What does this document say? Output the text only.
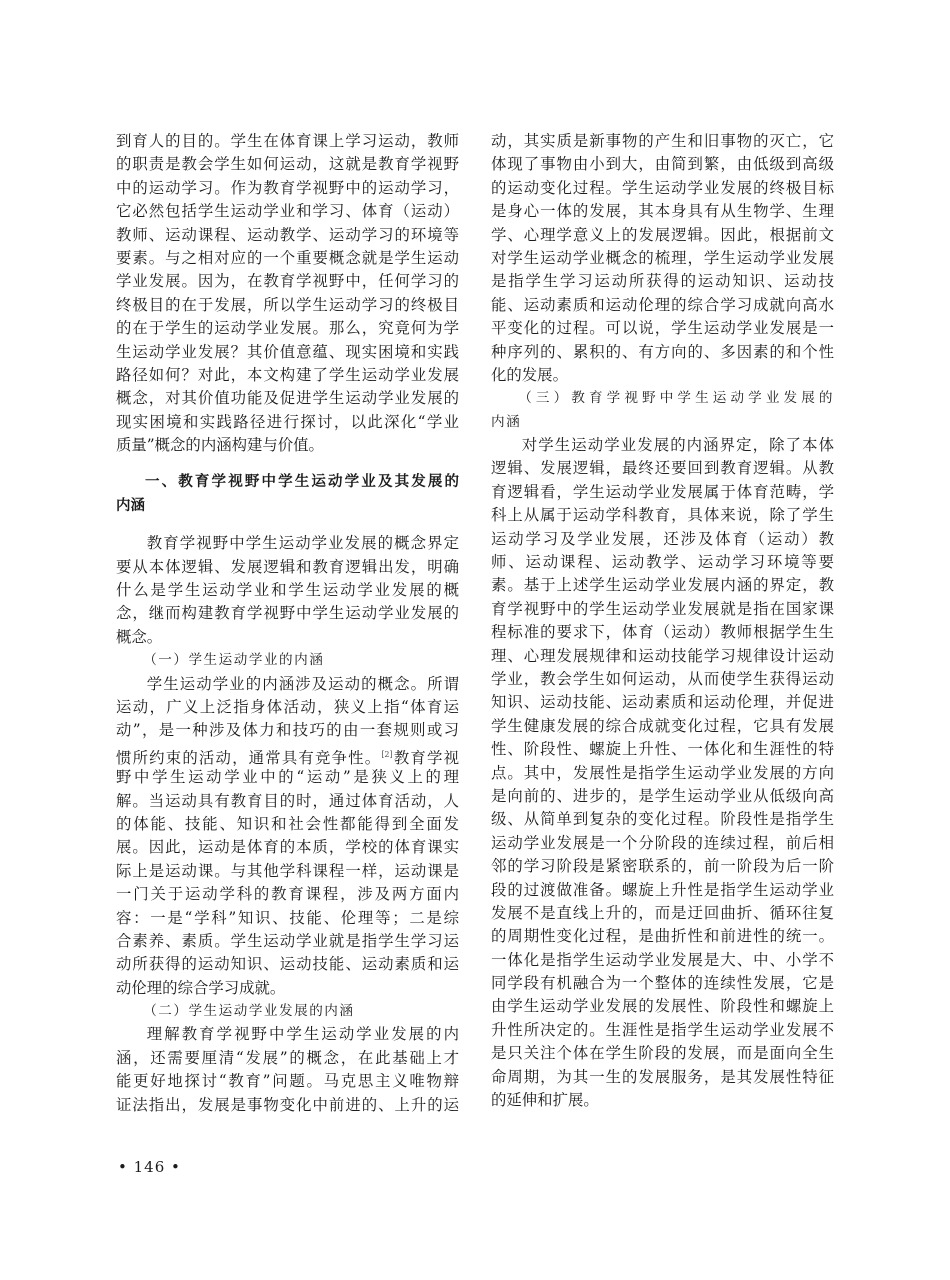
到育人的目的。学生在体育课上学习运动，教师
的职责是教会学生如何运动，这就是教育学视野
中的运动学习。作为教育学视野中的运动学习，
它必然包括学生运动学业和学习、体育（运动）
教师、运动课程、运动教学、运动学习的环境等
要素。与之相对应的一个重要概念就是学生运动
学业发展。因为，在教育学视野中，任何学习的
终极目的在于发展，所以学生运动学习的终极目
的在于学生的运动学业发展。那么，究竟何为学
生运动学业发展？其价值意蕴、现实困境和实践
路径如何？对此，本文构建了学生运动学业发展
概念，对其价值功能及促进学生运动学业发展的
现实困境和实践路径进行探讨，以此深化“学业
质量”概念的内涵构建与价值。
一、教育学视野中学生运动学业及其发展的
内涵
教育学视野中学生运动学业发展的概念界定
要从本体逻辑、发展逻辑和教育逻辑出发，明确
什么是学生运动学业和学生运动学业发展的概
念，继而构建教育学视野中学生运动学业发展的
概念。
（一）学生运动学业的内涵
学生运动学业的内涵涉及运动的概念。所谓
运动，广义上泛指身体活动，狭义上指“体育运
动”，是一种涉及体力和技巧的由一套规则或习
惯所约束的活动，通常具有竞争性。[2]教育学视
野中学生运动学业中的“运动”是狭义上的理
解。当运动具有教育目的时，通过体育活动，人
的体能、技能、知识和社会性都能得到全面发
展。因此，运动是体育的本质，学校的体育课实
际上是运动课。与其他学科课程一样，运动课是
一门关于运动学科的教育课程，涉及两方面内
容：一是“学科”知识、技能、伦理等；二是综
合素养、素质。学生运动学业就是指学生学习运
动所获得的运动知识、运动技能、运动素质和运
动伦理的综合学习成就。
（二）学生运动学业发展的内涵
理解教育学视野中学生运动学业发展的内
涵，还需要厘清“发展”的概念，在此基础上才
能更好地探讨“教育”问题。马克思主义唯物辩
证法指出，发展是事物变化中前进的、上升的运
动，其实质是新事物的产生和旧事物的灭亡，它
体现了事物由小到大，由简到繁，由低级到高级
的运动变化过程。学生运动学业发展的终极目标
是身心一体的发展，其本身具有从生物学、生理
学、心理学意义上的发展逻辑。因此，根据前文
对学生运动学业概念的梳理，学生运动学业发展
是指学生学习运动所获得的运动知识、运动技
能、运动素质和运动伦理的综合学习成就向高水
平变化的过程。可以说，学生运动学业发展是一
种序列的、累积的、有方向的、多因素的和个性
化的发展。
（三）教育学视野中学生运动学业发展的
内涵
对学生运动学业发展的内涵界定，除了本体
逻辑、发展逻辑，最终还要回到教育逻辑。从教
育逻辑看，学生运动学业发展属于体育范畴，学
科上从属于运动学科教育，具体来说，除了学生
运动学习及学业发展，还涉及体育（运动）教
师、运动课程、运动教学、运动学习环境等要
素。基于上述学生运动学业发展内涵的界定，教
育学视野中的学生运动学业发展就是指在国家课
程标准的要求下，体育（运动）教师根据学生生
理、心理发展规律和运动技能学习规律设计运动
学业，教会学生如何运动，从而使学生获得运动
知识、运动技能、运动素质和运动伦理，并促进
学生健康发展的综合成就变化过程，它具有发展
性、阶段性、螺旋上升性、一体化和生涯性的特
点。其中，发展性是指学生运动学业发展的方向
是向前的、进步的，是学生运动学业从低级向高
级、从简单到复杂的变化过程。阶段性是指学生
运动学业发展是一个分阶段的连续过程，前后相
邻的学习阶段是紧密联系的，前一阶段为后一阶
段的过渡做准备。螺旋上升性是指学生运动学业
发展不是直线上升的，而是迂回曲折、循环往复
的周期性变化过程，是曲折性和前进性的统一。
一体化是指学生运动学业发展是大、中、小学不
同学段有机融合为一个整体的连续性发展，它是
由学生运动学业发展的发展性、阶段性和螺旋上
升性所决定的。生涯性是指学生运动学业发展不
是只关注个体在学生阶段的发展，而是面向全生
命周期，为其一生的发展服务，是其发展性特征
的延伸和扩展。
• 146 •
